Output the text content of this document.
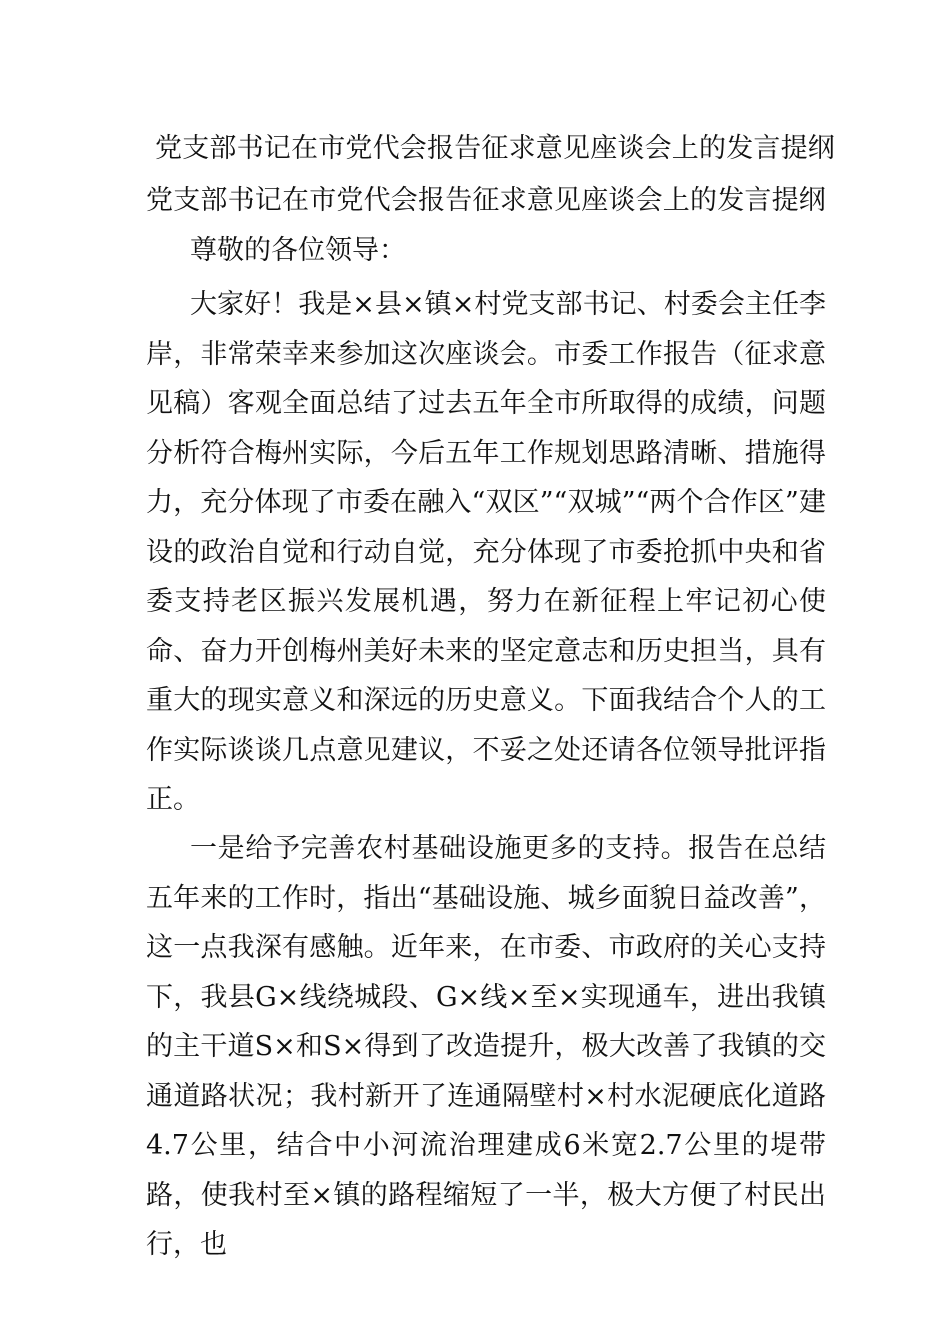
党支部书记在市党代会报告征求意见座谈会上的发言提纲
党支部书记在市党代会报告征求意见座谈会上的发言提纲
尊敬的各位领导：

大家好！我是×县×镇×村党支部书记、村委会主任李岸，非常荣幸来参加这次座谈会。市委工作报告（征求意见稿）客观全面总结了过去五年全市所取得的成绩，问题分析符合梅州实际，今后五年工作规划思路清晰、措施得力，充分体现了市委在融入“双区”“双城”“两个合作区”建设的政治自觉和行动自觉，充分体现了市委抢抓中央和省委支持老区振兴发展机遇，努力在新征程上牢记初心使命、奋力开创梅州美好未来的坚定意志和历史担当，具有重大的现实意义和深远的历史意义。下面我结合个人的工作实际谈谈几点意见建议，不妥之处还请各位领导批评指正。

一是给予完善农村基础设施更多的支持。报告在总结五年来的工作时，指出“基础设施、城乡面貌日益改善”，这一点我深有感触。近年来，在市委、市政府的关心支持下，我县G×线绕城段、G×线×至×实现通车，进出我镇的主干道S×和S×得到了改造提升，极大改善了我镇的交通道路状况；我村新开了连通隔壁村×村水泥硬底化道路4.7公里，结合中小河流治理建成6米宽2.7公里的堤带路，使我村至×镇的路程缩短了一半，极大方便了村民出行，也
